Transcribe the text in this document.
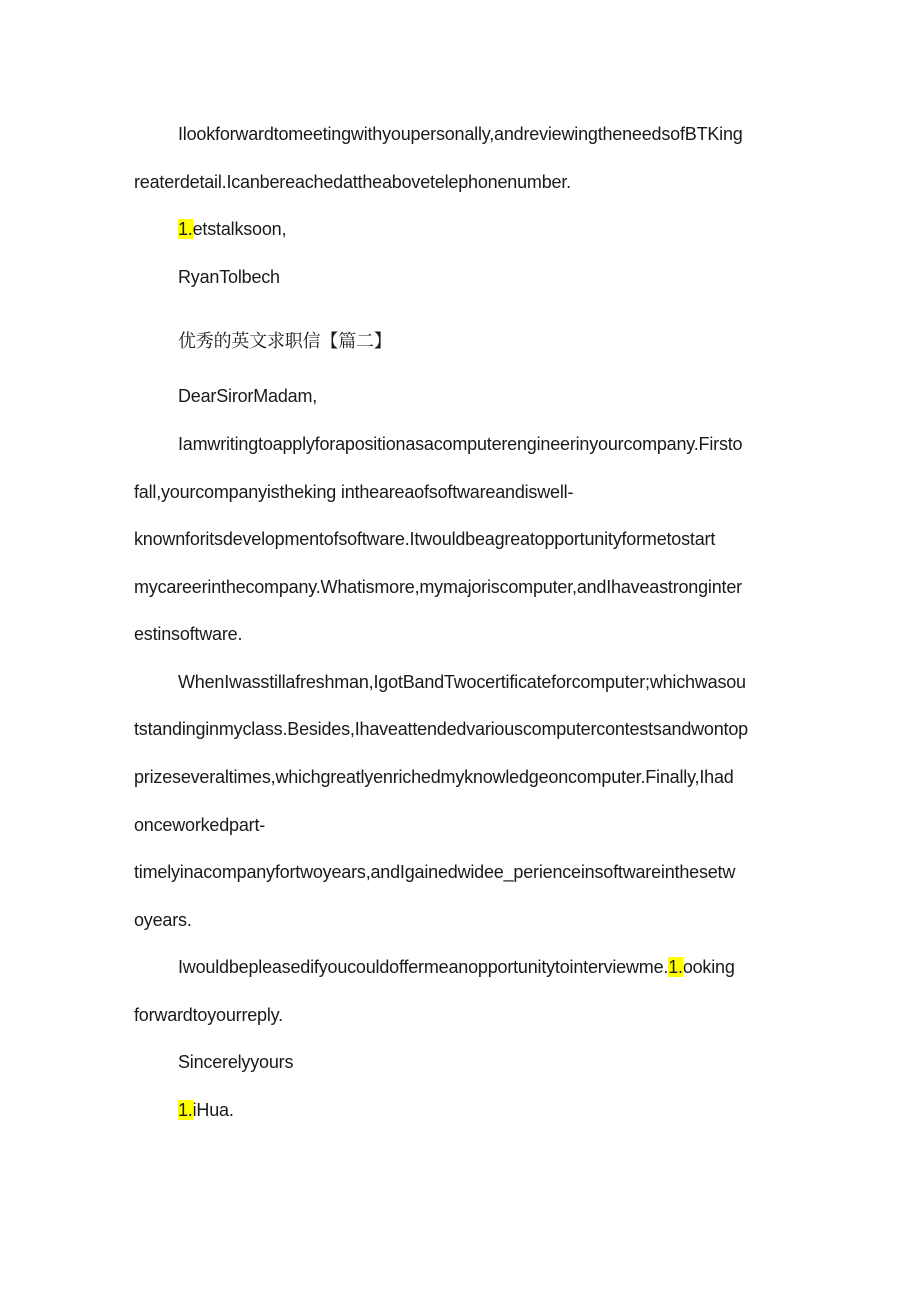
Ilookforwardtomeetingwithyoupersonally,andreviewingtheneedsofBTKing

reaterdetail.Icanbereachedattheabovetelephonenumber.

1.etstalksoon,

RyanTolbech

优秀的英文求职信【篇二】

DearSirorMadam,

Iamwritingtoapplyforapositionasacomputerengineerinyourcompany.Firsto

fall,yourcompanyistheking intheareaofsoftwareandiswell-

knownforitsdevelopmentofsoftware.Itwouldbeagreatopportunityformetostart

mycareerinthecompany.Whatismore,mymajoriscomputer,andIhaveastronginter

estinsoftware.

WhenIwasstillafreshman,IgotBandTwocertificateforcomputer;whichwasou

tstandinginmyclass.Besides,Ihaveattendedvariouscomputercontestsandwontop

prizeseveraltimes,whichgreatlyenrichedmyknowledgeoncomputer.Finally,Ihad

onceworkedpart-

timelyinacompanyfortwoyears,andIgainedwidee_perienceinsoftwareinthesetw

oyears.

Iwouldbepleasedifyoucouldoffermeanopportunitytointerviewme.1.ooking

forwardtoyourreply.

Sincerelyyours

1.iHua.
